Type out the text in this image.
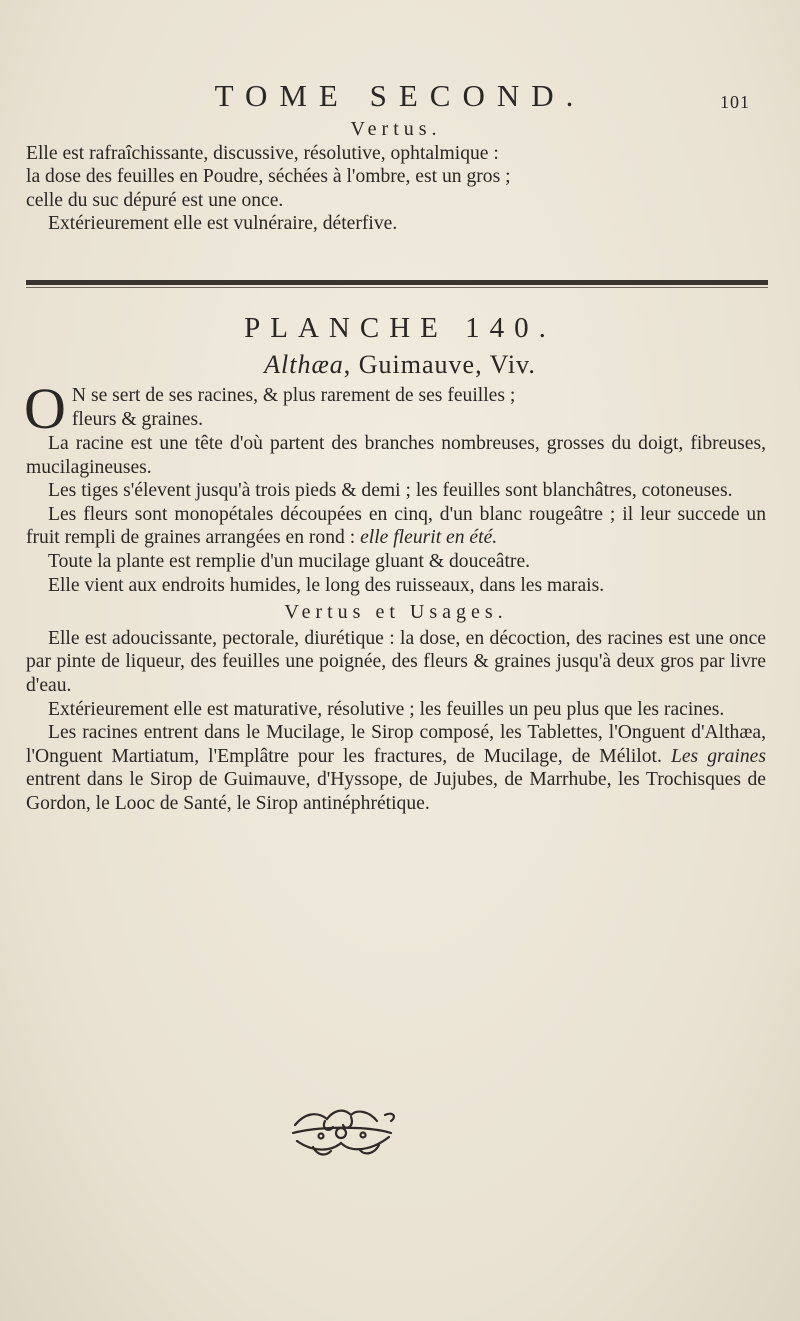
TOME SECOND.	101
Vertus.

Elle est rafraîchissante, discussive, résolutive, ophtalmique :

la dose des feuilles en Poudre, séchées à l'ombre, est un gros ;

celle du suc dépuré est une once.

Extérieurement elle est vulnéraire, déterfive.

PLANCHE 140.
Althæa, Guimauve, Viv.

O N se sert de ses racines, & plus rarement de ses feuilles ;
fleurs & graines.

La racine est une tête d'où partent des branches nombreuses, grosses du doigt, fibreuses, mucilagineuses.

Les tiges s'élevent jusqu'à trois pieds & demi ; les feuilles sont blanchâtres, cotoneuses.

Les fleurs sont monopétales découpées en cinq, d'un blanc rougeâtre ; il leur succede un fruit rempli de graines arrangées en rond : elle fleurit en été.

Toute la plante est remplie d'un mucilage gluant & douceâtre.

Elle vient aux endroits humides, le long des ruisseaux, dans les marais.

Vertus et Usages.

Elle est adoucissante, pectorale, diurétique : la dose, en décoction, des racines est une once par pinte de liqueur, des feuilles une poignée, des fleurs & graines jusqu'à deux gros par livre d'eau.

Extérieurement elle est maturative, résolutive ; les feuilles un peu plus que les racines.

Les racines entrent dans le Mucilage, le Sirop composé, les Tablettes, l'Onguent d'Althæa, l'Onguent Martiatum, l'Emplâtre pour les fractures, de Mucilage, de Mélilot. Les graines entrent dans le Sirop de Guimauve, d'Hyssope, de Jujubes, de Marrhube, les Trochisques de Gordon, le Looc de Santé, le Sirop antinéphrétique.
